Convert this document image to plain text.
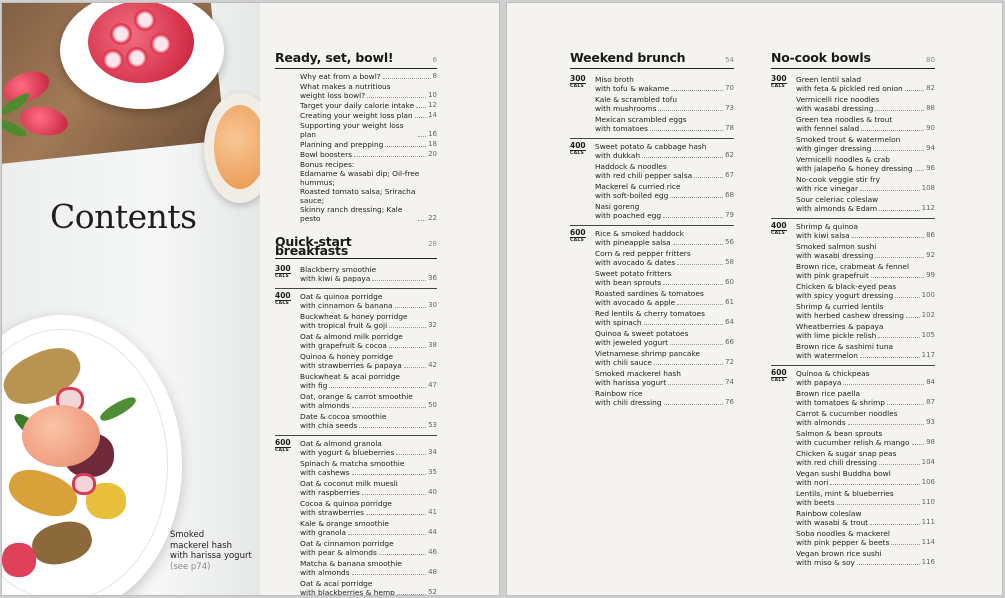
Contents
Smoked
mackerel hash
with harissa yogurt
(see p74)
Ready, set, bowl!	6
Why eat from a bowl?	8
What makes a nutritious
weight loss bowl?	10
Target your daily calorie intake 12
Creating your weight loss plan 14
Supporting your weight loss plan	16
Planning and prepping	18
Bowl boosters	20
Bonus recipes:
Edamame & wasabi dip; Oil-free hummus;
Roasted tomato salsa; Sriracha sauce;
Skinny ranch dressing; Kale pesto	22
Quick-start breakfasts	28
300
CALS
Blackberry smoothie
with kiwi & papaya	36
400
CALS
Oat & quinoa porridge
with cinnamon & banana	30
Buckwheat & honey porridge
with tropical fruit & goji	32
Oat & almond milk porridge
with grapefruit & cocoa	38
Quinoa & honey porridge
with strawberries & papaya	42
Buckwheat & acai porridge
with fig	47
Oat, orange & carrot smoothie
with almonds	50
Date & cocoa smoothie
with chia seeds	53
600
CALS
Oat & almond granola
with yogurt & blueberries	34
Spinach & matcha smoothie
with cashews	35
Oat & coconut milk muesli
with raspberries	40
Cocoa & quinoa porridge
with strawberries	41
Kale & orange smoothie
with granola	44
Oat & cinnamon porridge
with pear & almonds	46
Matcha & banana smoothie
with almonds	48
Oat & acai porridge
with blackberries & hemp	52
Weekend brunch	54
300
CALS
Miso broth
with tofu & wakame	70
Kale & scrambled tofu
with mushrooms	73
Mexican scrambled eggs
with tomatoes	78
400
CALS
Sweet potato & cabbage hash
with dukkah	62
Haddock & noodles
with red chili pepper salsa	67
Mackerel & curried rice
with soft-boiled egg	68
Nasi goreng
with poached egg	79
600
CALS
Rice & smoked haddock
with pineapple salsa	56
Corn & red pepper fritters
with avocado & dates	58
Sweet potato fritters
with bean sprouts	60
Roasted sardines & tomatoes
with avocado & apple	61
Red lentils & cherry tomatoes
with spinach	64
Quinoa & sweet potatoes
with jeweled yogurt	66
Vietnamese shrimp pancake
with chili sauce	72
Smoked mackerel hash
with harissa yogurt	74
Rainbow rice
with chili dressing	76
No-cook bowls	80
300
CALS
Green lentil salad
with feta & pickled red onion	82
Vermicelli rice noodles
with wasabi dressing	88
Green tea noodles & trout
with fennel salad	90
Smoked trout & watermelon
with ginger dressing	94
Vermicelli noodles & crab
with jalapeño & honey dressing 96
No-cook veggie stir fry
with rice vinegar	108
Sour celeriac coleslaw
with almonds & Edam	112
400
CALS
Shrimp & quinoa
with kiwi salsa	86
Smoked salmon sushi
with wasabi dressing	92
Brown rice, crabmeat & fennel
with pink grapefruit	99
Chicken & black-eyed peas
with spicy yogurt dressing	100
Shrimp & curried lentils
with herbed cashew dressing	102
Wheatberries & papaya
with lime pickle relish	105
Brown rice & sashimi tuna
with watermelon	117
600
CALS
Quinoa & chickpeas
with papaya	84
Brown rice paella
with tomatoes & shrimp	87
Carrot & cucumber noodles
with almonds	93
Salmon & bean sprouts
with cucumber relish & mango 98
Chicken & sugar snap peas
with red chili dressing	104
Vegan sushi Buddha bowl
with nori	106
Lentils, mint & blueberries
with beets	110
Rainbow coleslaw
with wasabi & trout	111
Soba noodles & mackerel
with pink pepper & beets	114
Vegan brown rice sushi
with miso & soy	116
